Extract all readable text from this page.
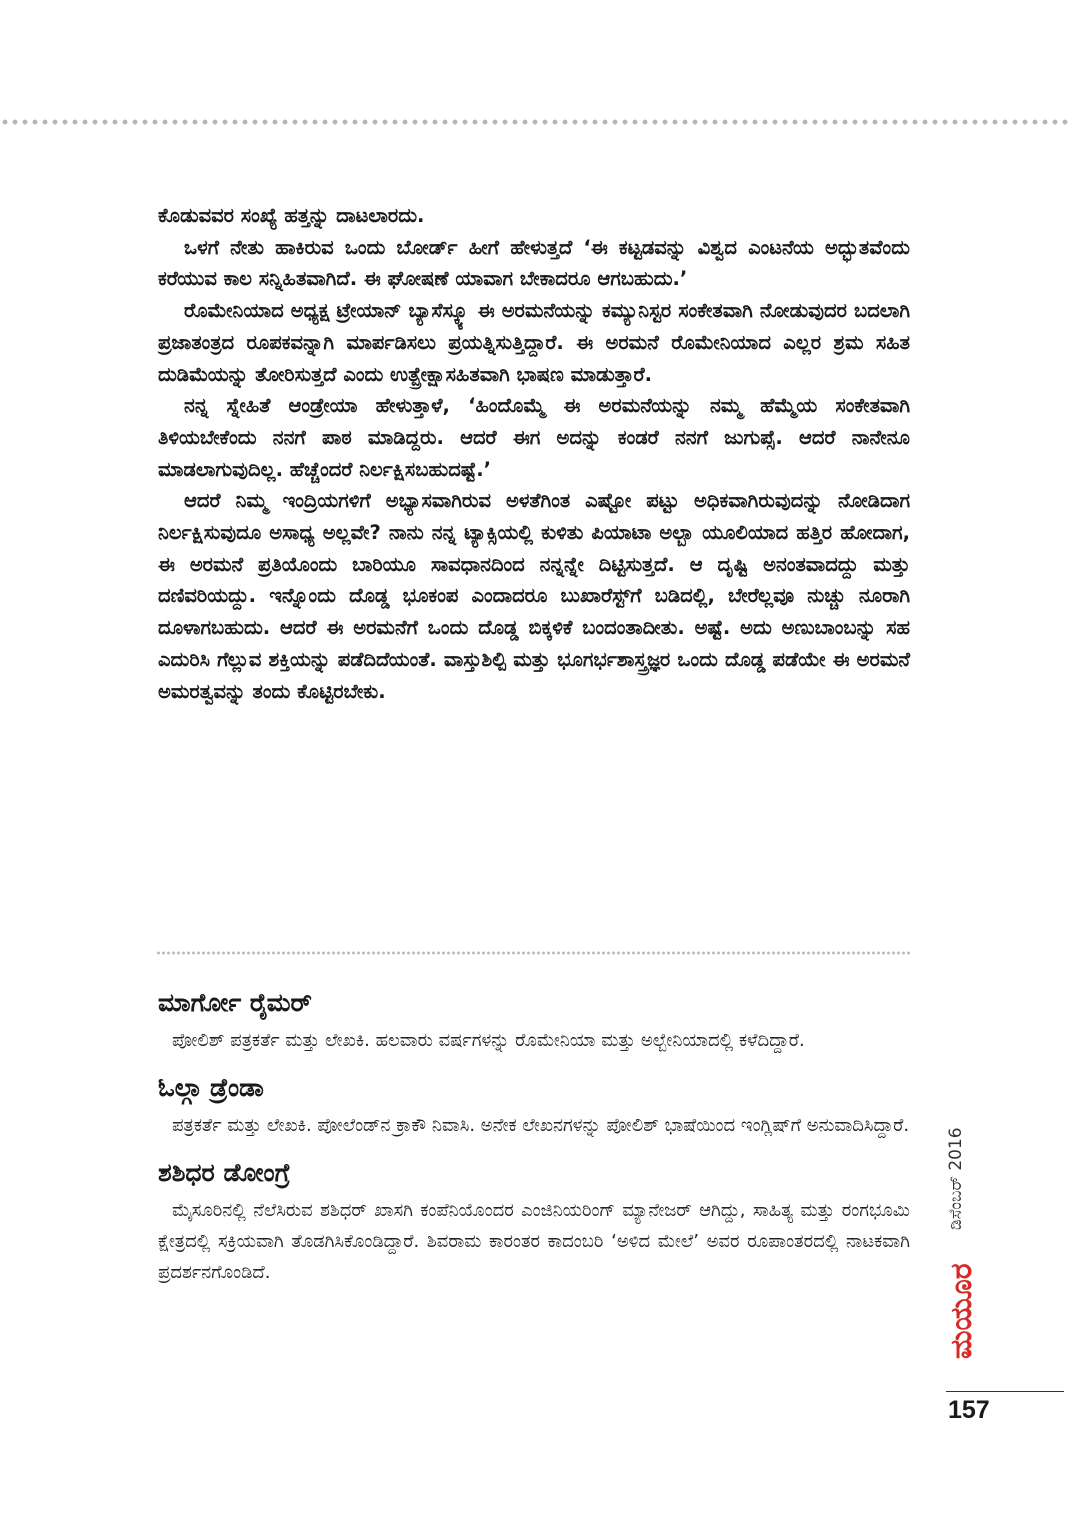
ಕೊಡುವವರ ಸಂಖ್ಯೆ ಹತ್ತನ್ನು ದಾಟಲಾರದು.

ಒಳಗೆ ನೇತು ಹಾಕಿರುವ ಒಂದು ಬೋರ್ಡ್ ಹೀಗೆ ಹೇಳುತ್ತದೆ ‘ಈ ಕಟ್ಟಡವನ್ನು ವಿಶ್ವದ ಎಂಟನೆಯ ಅದ್ಭುತವೆಂದು ಕರೆಯುವ ಕಾಲ ಸನ್ನಿಹಿತವಾಗಿದೆ. ಈ ಘೋಷಣೆ ಯಾವಾಗ ಬೇಕಾದರೂ ಆಗಬಹುದು.’

ರೊಮೇನಿಯಾದ ಅಧ್ಯಕ್ಷ ಟ್ರೇಯಾನ್ ಬ್ಯಾಸೆಸ್ಕ್ಯೂ ಈ ಅರಮನೆಯನ್ನು ಕಮ್ಯುನಿಸ್ಟರ ಸಂಕೇತವಾಗಿ ನೋಡುವುದರ ಬದಲಾಗಿ ಪ್ರಜಾತಂತ್ರದ ರೂಪಕವನ್ನಾಗಿ ಮಾರ್ಪಡಿಸಲು ಪ್ರಯತ್ನಿಸುತ್ತಿದ್ದಾರೆ. ಈ ಅರಮನೆ ರೊಮೇನಿಯಾದ ಎಲ್ಲರ ಶ್ರಮ ಸಹಿತ ದುಡಿಮೆಯನ್ನು ತೋರಿಸುತ್ತದೆ ಎಂದು ಉತ್ಪ್ರೇಕ್ಷಾಸಹಿತವಾಗಿ ಭಾಷಣ ಮಾಡುತ್ತಾರೆ.

ನನ್ನ ಸ್ನೇಹಿತೆ ಆಂಡ್ರೇಯಾ ಹೇಳುತ್ತಾಳೆ, ‘ಹಿಂದೊಮ್ಮೆ ಈ ಅರಮನೆಯನ್ನು ನಮ್ಮ ಹೆಮ್ಮೆಯ ಸಂಕೇತವಾಗಿ ತಿಳಿಯಬೇಕೆಂದು ನನಗೆ ಪಾಠ ಮಾಡಿದ್ದರು. ಆದರೆ ಈಗ ಅದನ್ನು ಕಂಡರೆ ನನಗೆ ಜುಗುಪ್ಸೆ. ಆದರೆ ನಾನೇನೂ ಮಾಡಲಾಗುವುದಿಲ್ಲ. ಹೆಚ್ಚೆಂದರೆ ನಿರ್ಲಕ್ಷಿಸಬಹುದಷ್ಟೆ.’

ಆದರೆ ನಿಮ್ಮ ಇಂದ್ರಿಯಗಳಿಗೆ ಅಭ್ಯಾಸವಾಗಿರುವ ಅಳತೆಗಿಂತ ಎಷ್ಟೋ ಪಟ್ಟು ಅಧಿಕವಾಗಿರುವುದನ್ನು ನೋಡಿದಾಗ ನಿರ್ಲಕ್ಷಿಸುವುದೂ ಅಸಾಧ್ಯ ಅಲ್ಲವೇ? ನಾನು ನನ್ನ ಟ್ಯಾಕ್ಸಿಯಲ್ಲಿ ಕುಳಿತು ಪಿಯಾಟಾ ಅಲ್ಬಾ ಯೂಲಿಯಾದ ಹತ್ತಿರ ಹೋದಾಗ, ಈ ಅರಮನೆ ಪ್ರತಿಯೊಂದು ಬಾರಿಯೂ ಸಾವಧಾನದಿಂದ ನನ್ನನ್ನೇ ದಿಟ್ಟಿಸುತ್ತದೆ. ಆ ದೃಷ್ಟಿ ಅನಂತವಾದದ್ದು ಮತ್ತು ದಣಿವರಿಯದ್ದು. ಇನ್ನೊಂದು ದೊಡ್ಡ ಭೂಕಂಪ ಎಂದಾದರೂ ಬುಖಾರೆಸ್ಟ್‌ಗೆ ಬಡಿದಲ್ಲಿ, ಬೇರೆಲ್ಲವೂ ನುಚ್ಚು ನೂರಾಗಿ ದೂಳಾಗಬಹುದು. ಆದರೆ ಈ ಅರಮನೆಗೆ ಒಂದು ದೊಡ್ಡ ಬಿಕ್ಕಳಿಕೆ ಬಂದಂತಾದೀತು. ಅಷ್ಟೆ. ಅದು ಅಣುಬಾಂಬನ್ನು ಸಹ ಎದುರಿಸಿ ಗೆಲ್ಲುವ ಶಕ್ತಿಯನ್ನು ಪಡೆದಿದೆಯಂತೆ. ವಾಸ್ತುಶಿಲ್ಪಿ ಮತ್ತು ಭೂಗರ್ಭಶಾಸ್ತ್ರಜ್ಞರ ಒಂದು ದೊಡ್ಡ ಪಡೆಯೇ ಈ ಅರಮನೆ ಅಮರತ್ವವನ್ನು ತಂದು ಕೊಟ್ಟಿರಬೇಕು.

ಮಾರ್ಗೋ ರೈಮರ್

ಪೋಲಿಶ್ ಪತ್ರಕರ್ತೆ ಮತ್ತು ಲೇಖಕಿ. ಹಲವಾರು ವರ್ಷಗಳನ್ನು ರೊಮೇನಿಯಾ ಮತ್ತು ಅಲ್ಬೇನಿಯಾದಲ್ಲಿ ಕಳೆದಿದ್ದಾರೆ.

ಓಲ್ಗಾ ಡ್ರೆಂಡಾ

ಪತ್ರಕರ್ತೆ ಮತ್ತು ಲೇಖಕಿ. ಪೋಲೆಂಡ್‌ನ ಕ್ರಾಕೌ ನಿವಾಸಿ. ಅನೇಕ ಲೇಖನಗಳನ್ನು ಪೋಲಿಶ್ ಭಾಷೆಯಿಂದ ಇಂಗ್ಲಿಷ್‌ಗೆ ಅನುವಾದಿಸಿದ್ದಾರೆ.

ಶಶಿಧರ ಡೋಂಗ್ರೆ

ಮೈಸೂರಿನಲ್ಲಿ ನೆಲೆಸಿರುವ ಶಶಿಧರ್ ಖಾಸಗಿ ಕಂಪೆನಿಯೊಂದರ ಎಂಜಿನಿಯರಿಂಗ್ ಮ್ಯಾನೇಜರ್ ಆಗಿದ್ದು, ಸಾಹಿತ್ಯ ಮತ್ತು ರಂಗಭೂಮಿ ಕ್ಷೇತ್ರದಲ್ಲಿ ಸಕ್ರಿಯವಾಗಿ ತೊಡಗಿಸಿಕೊಂಡಿದ್ದಾರೆ. ಶಿವರಾಮ ಕಾರಂತರ ಕಾದಂಬರಿ ‘ಅಳಿದ ಮೇಲೆ’ ಅವರ ರೂಪಾಂತರದಲ್ಲಿ ನಾಟಕವಾಗಿ ಪ್ರದರ್ಶನಗೊಂಡಿದೆ.

ಡಿಸೆಂಬರ್ 2016
ಮಯೂರ
157
